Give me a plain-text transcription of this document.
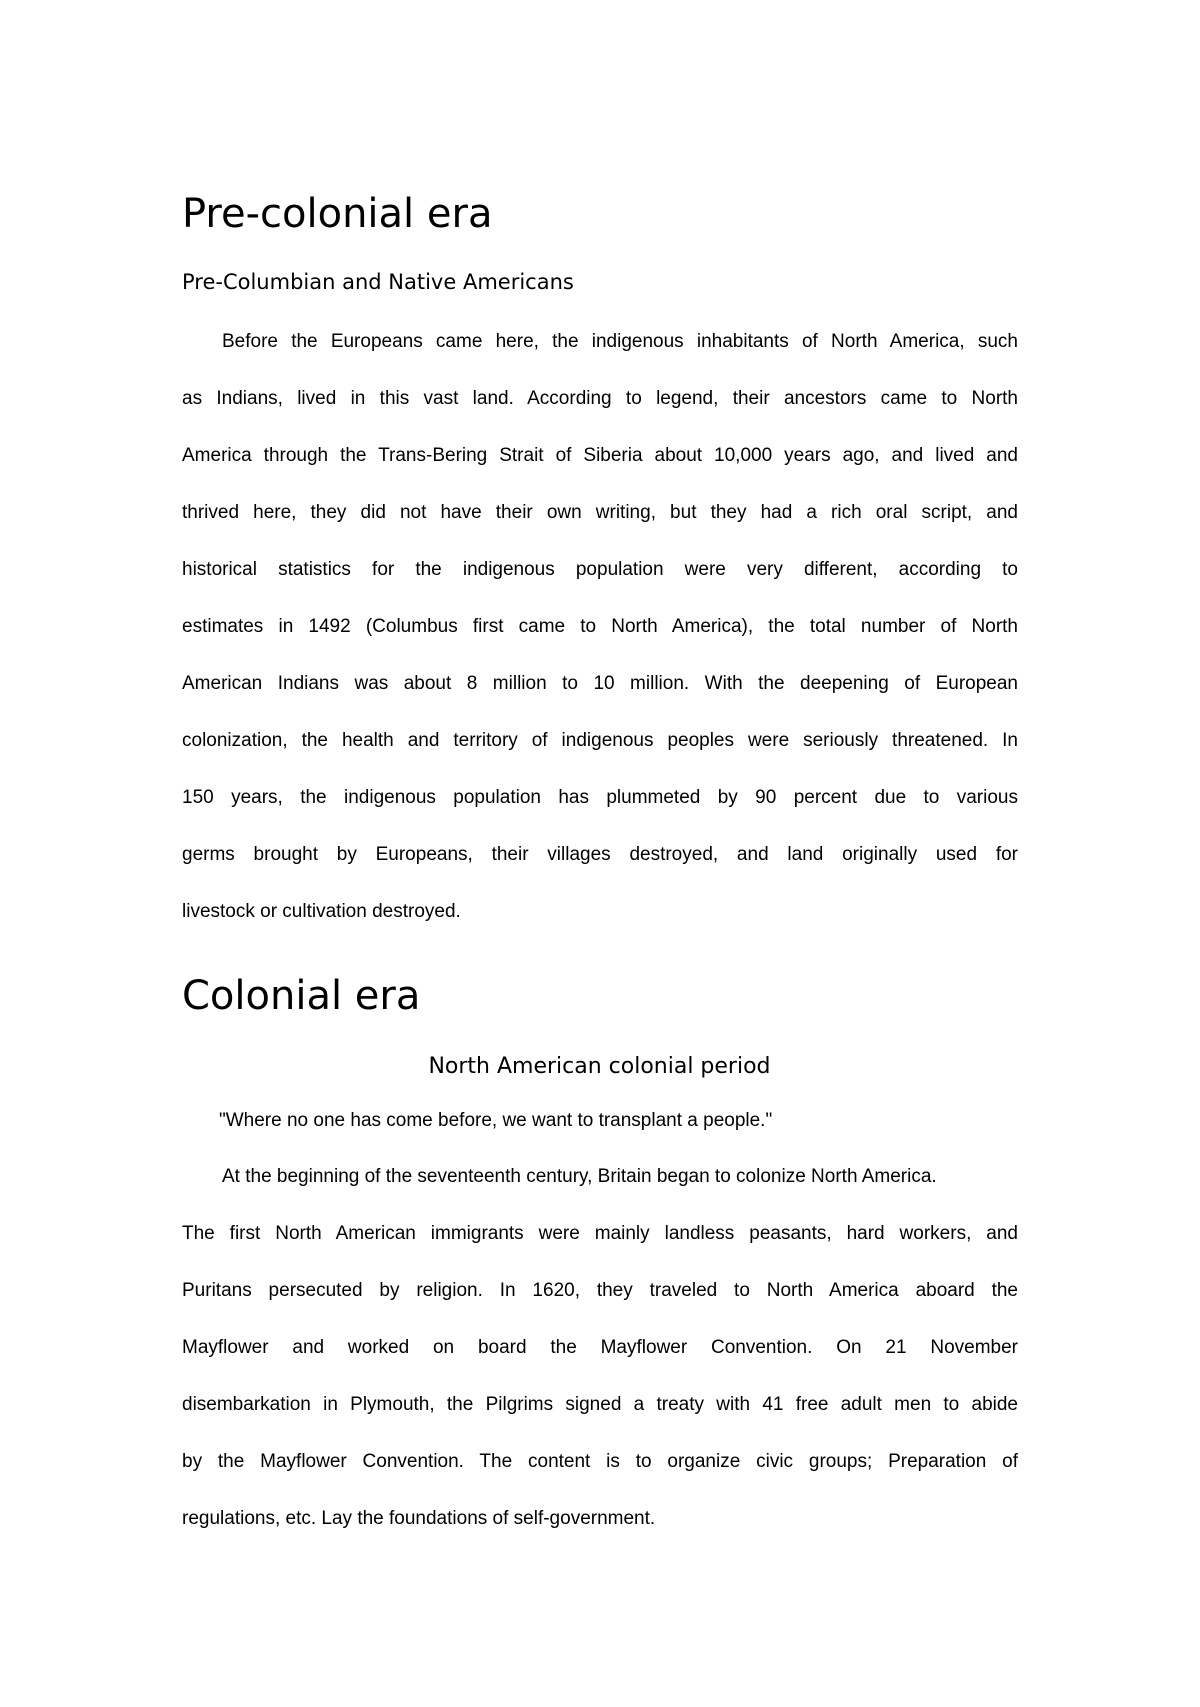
Pre-colonial era
Pre-Columbian and Native Americans

Before the Europeans came here, the indigenous inhabitants of North America, such

as Indians, lived in this vast land. According to legend, their ancestors came to North

America through the Trans-Bering Strait of Siberia about 10,000 years ago, and lived and

thrived here, they did not have their own writing, but they had a rich oral script, and

historical statistics for the indigenous population were very different, according to

estimates in 1492 (Columbus first came to North America), the total number of North

American Indians was about 8 million to 10 million. With the deepening of European

colonization, the health and territory of indigenous peoples were seriously threatened. In

150 years, the indigenous population has plummeted by 90 percent due to various

germs brought by Europeans, their villages destroyed, and land originally used for

livestock or cultivation destroyed.

Colonial era
North American colonial period

"Where no one has come before, we want to transplant a people."

At the beginning of the seventeenth century, Britain began to colonize North America.

The first North American immigrants were mainly landless peasants, hard workers, and

Puritans persecuted by religion. In 1620, they traveled to North America aboard the

Mayflower and worked on board the Mayflower Convention. On 21 November

disembarkation in Plymouth, the Pilgrims signed a treaty with 41 free adult men to abide

by the Mayflower Convention. The content is to organize civic groups; Preparation of

regulations, etc. Lay the foundations of self-government.
